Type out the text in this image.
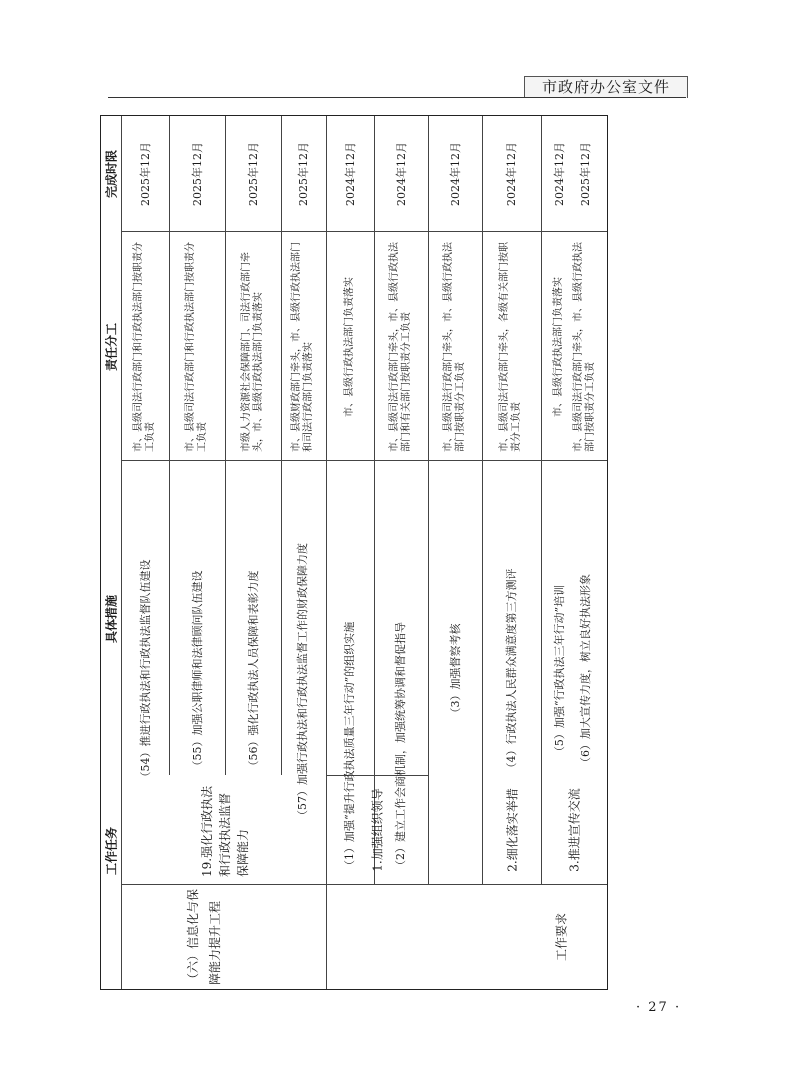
市政府办公室文件
工作任务
具体措施
责任分工
完成时限
（六）信息化与保障能力提升工程
19.强化行政执法和行政执法监督保障能力
工作要求
1.加强组织领导	2.细化落实举措	3.推进宣传交流
（54）推进行政执法和行政执法监督队伍建设
市、县级司法行政部门和行政执法部门按职责分工负责
2025年12月
（55）加强公职律师和法律顾问队伍建设
市、县级司法行政部门和行政执法部门按职责分工负责
2025年12月
（56）强化行政执法人员保障和表彰力度
市级人力资源社会保障部门、司法行政部门牵头，市、县级行政执法部门负责落实
2025年12月
（57）加强行政执法和行政执法监督工作的财政保障力度
市、县级财政部门牵头，市、县级行政执法部门和司法行政部门负责落实
2025年12月
（1）加强“提升行政执法质量三年行动”的组织实施
市、县级行政执法部门负责落实
2024年12月
（2）建立工作会商机制，加强统筹协调和督促指导
市、县级司法行政部门牵头，市、县级行政执法部门和有关部门按职责分工负责
2024年12月
（3）加强督察考核
市、县级司法行政部门牵头，市、县级行政执法部门按职责分工负责
2024年12月
（4）行政执法人民群众满意度第三方测评
市、县级司法行政部门牵头，各级有关部门按职责分工负责
2024年12月
（5）加强“行政执法三年行动”培训
市、县级行政执法部门负责落实
2024年12月
（6）加大宣传力度，树立良好执法形象
市、县级司法行政部门牵头，市、县级行政执法部门按职责分工负责
2025年12月
· 27 ·
